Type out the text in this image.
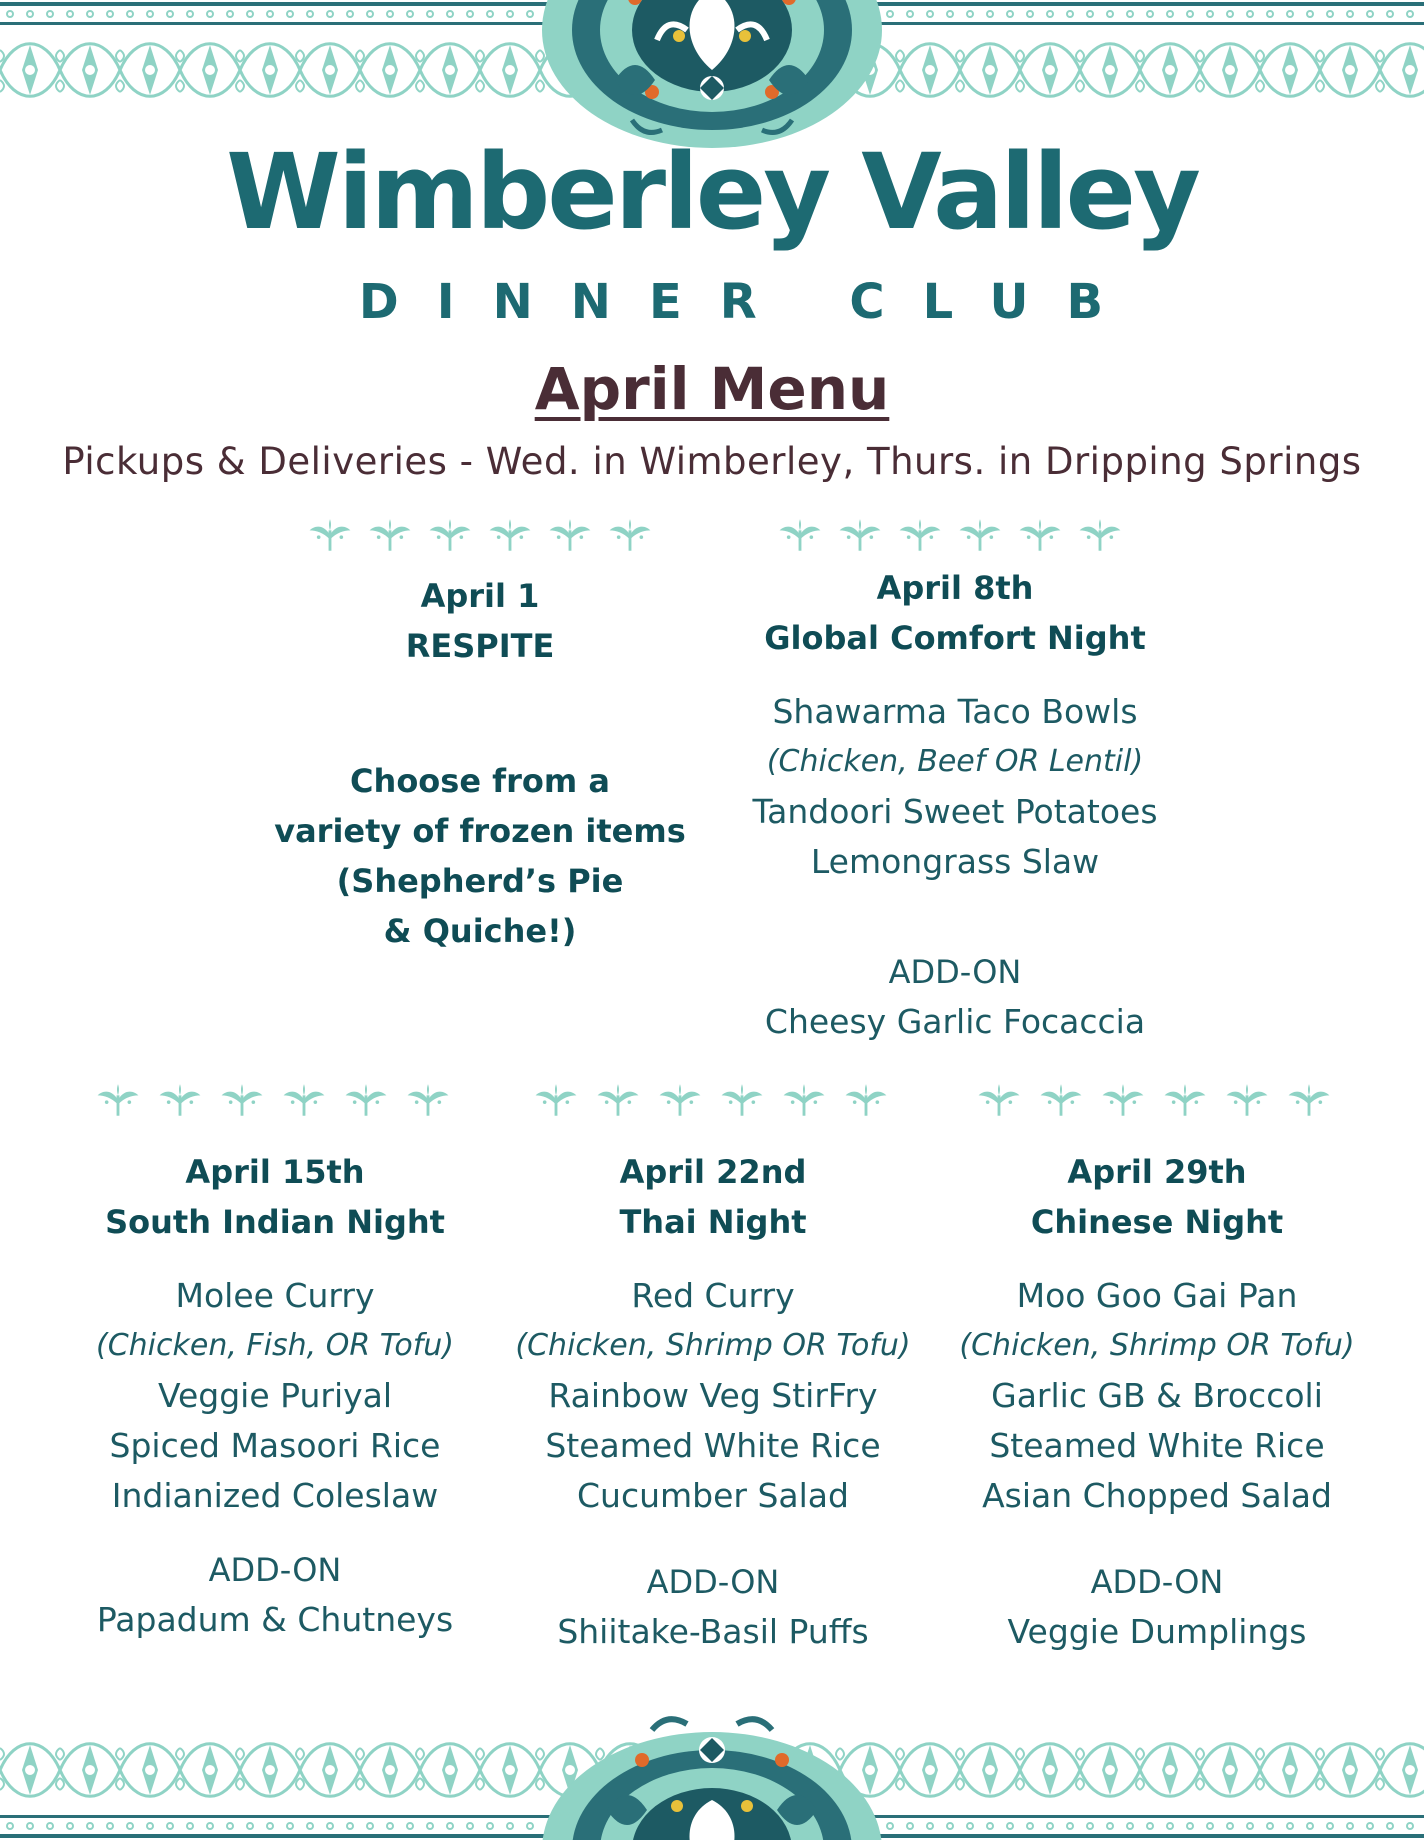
Wimberley Valley
DINNER CLUB
April Menu
Pickups & Deliveries - Wed. in Wimberley, Thurs. in Dripping Springs
April 1
RESPITE
Choose from a
variety of frozen items
(Shepherd’s Pie
& Quiche!)
April 8th
Global Comfort Night
Shawarma Taco Bowls
(Chicken, Beef OR Lentil)
Tandoori Sweet Potatoes
Lemongrass Slaw
ADD-ON
Cheesy Garlic Focaccia
April 15th
South Indian Night
Molee Curry
(Chicken, Fish, OR Tofu)
Veggie Puriyal
Spiced Masoori Rice
Indianized Coleslaw
ADD-ON
Papadum & Chutneys
April 22nd
Thai Night
Red Curry
(Chicken, Shrimp OR Tofu)
Rainbow Veg StirFry
Steamed White Rice
Cucumber Salad
ADD-ON
Shiitake-Basil Puffs
April 29th
Chinese Night
Moo Goo Gai Pan
(Chicken, Shrimp OR Tofu)
Garlic GB & Broccoli
Steamed White Rice
Asian Chopped Salad
ADD-ON
Veggie Dumplings
